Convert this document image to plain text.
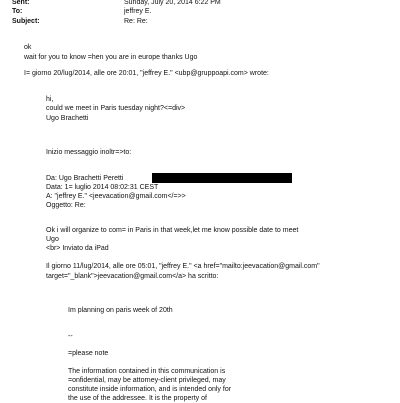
Sent:	Sunday, July 20, 2014 6:22 PM
To:	jeffrey E.
Subject:	Re: Re:
ok
wait for you to know =hen you are in europe thanks Ugo
I= giorno 20/lug/2014, alle ore 20:01, "jeffrey E." <ubp@gruppoapi.com> wrote:
hi,
could we meet in Paris tuesday night?<=div>
Ugo Brachetti
Inizio messaggio inoltr=>to:
Da: Ugo Brachetti Peretti
Data: 1= luglio 2014 08:02:31 CEST
A: "jeffrey E." <jeevacation@gmail.com</=>>
Oggetto: Re:
Ok i will organize to com= in Paris in that week,let me know possible date to meet
Ugo
<br> Inviato da iPad
Il giorno 11/lug/2014, alle ore 05:01, "jeffrey E." <a href="mailto:jeevacation@gmail.com"
target="_blank">jeevacation@gmail.com</a> ha scritto:
Im planning on paris week of 20th
--
=please note
The information contained in this communication is
=onfidential, may be attorney-client privileged, may
constitute inside information, and is intended only for
the use of the addressee. It is the property of
